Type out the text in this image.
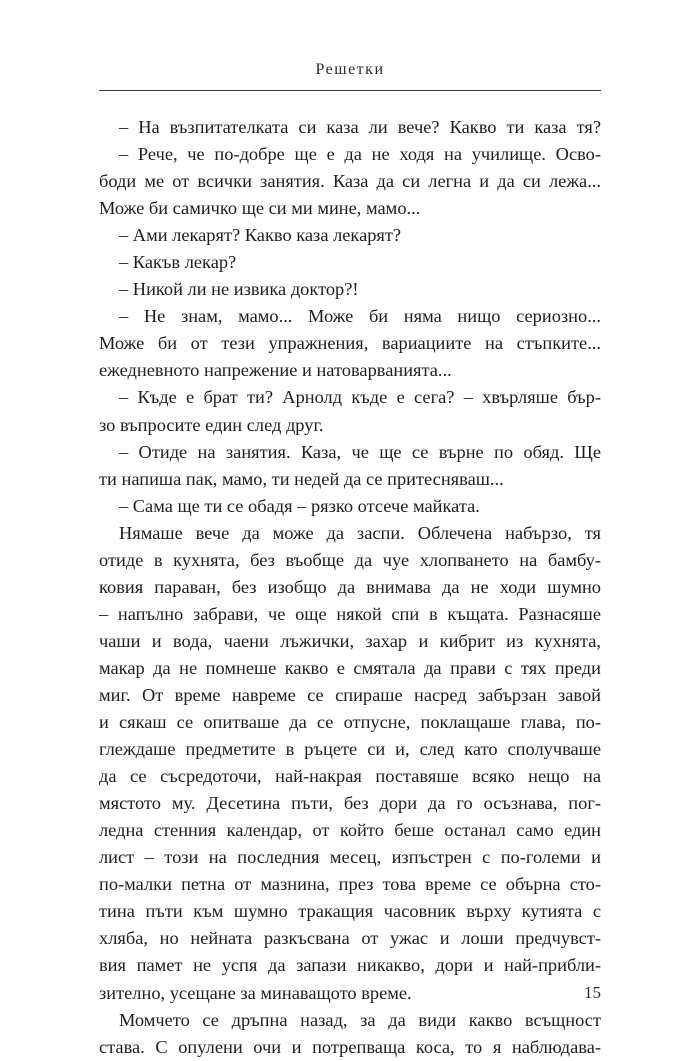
Решетки
– На възпитателката си каза ли вече? Какво ти каза тя?
– Рече, че по-добре ще е да не ходя на училище. Осво-
боди ме от всички занятия. Каза да си легна и да си лежа...
Може би самичко ще си ми мине, мамо...
– Ами лекарят? Какво каза лекарят?
– Какъв лекар?
– Никой ли не извика доктор?!
– Не знам, мамо... Може би няма нищо сериозно...
Може би от тези упражнения, вариациите на стъпките...
ежедневното напрежение и натоварванията...
– Къде е брат ти? Арнолд къде е сега? – хвърляше бър-
зо въпросите един след друг.
– Отиде на занятия. Каза, че ще се върне по обяд. Ще
ти напиша пак, мамо, ти недей да се притесняваш...
– Сама ще ти се обадя – рязко отсече майката.
Нямаше вече да може да заспи. Облечена набързо, тя
отиде в кухнята, без въобще да чуе хлопването на бамбу-
ковия параван, без изобщо да внимава да не ходи шумно
– напълно забрави, че още някой спи в къщата. Разнасяше
чаши и вода, чаени лъжички, захар и кибрит из кухнята,
макар да не помнеше какво е смятала да прави с тях преди
миг. От време навреме се спираше насред забързан завой
и сякаш се опитваше да се отпусне, поклащаше глава, по-
глеждаше предметите в ръцете си и, след като сполучваше
да се съсредоточи, най-накрая поставяше всяко нещо на
мястото му. Десетина пъти, без дори да го осъзнава, пог-
ледна стенния календар, от който беше останал само един
лист – този на последния месец, изпъстрен с по-големи и
по-малки петна от мазнина, през това време се обърна сто-
тина пъти към шумно тракащия часовник върху кутията с
хляба, но нейната разкъсвана от ужас и лоши предчувст-
вия памет не успя да запази никакво, дори и най-прибли-
зително, усещане за минаващото време.
Момчето се дръпна назад, за да види какво всъщност
става. С опулени очи и потрепваща коса, то я наблюдава-
15
